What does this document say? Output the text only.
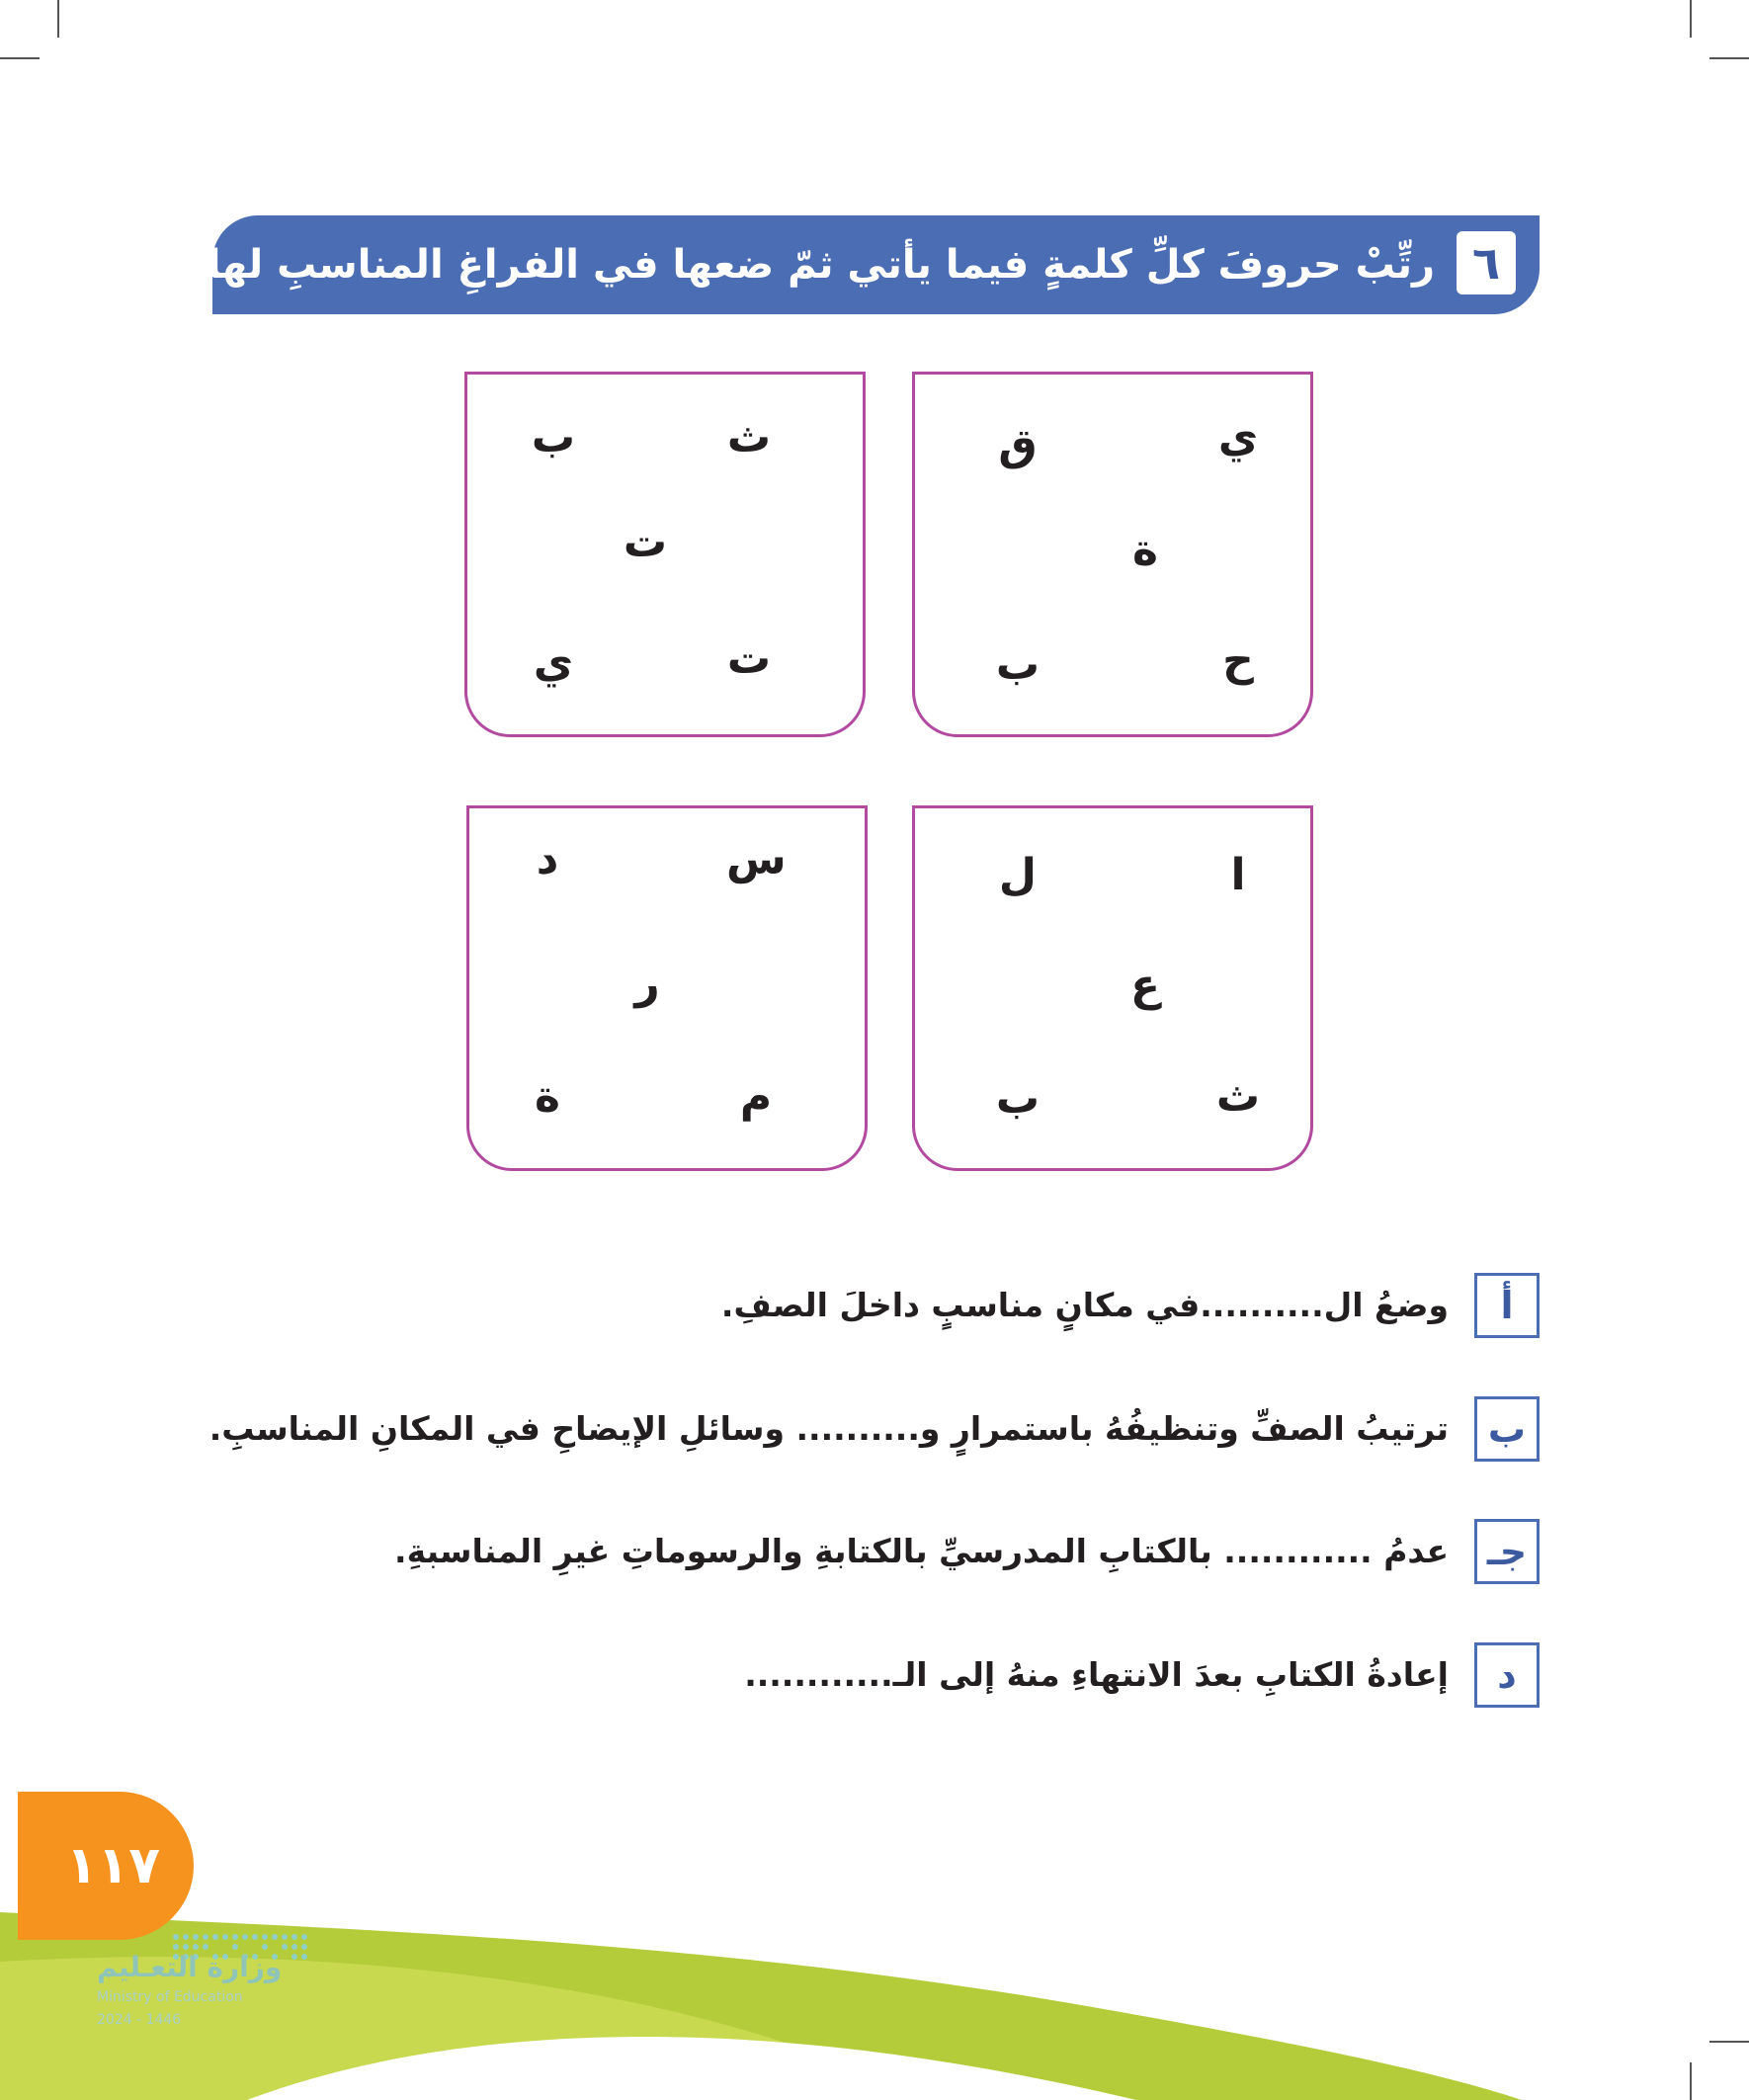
٦
رتِّبْ حروفَ كلِّ كلمةٍ فيما يأتي ثمّ ضعها ﻓﻲ الفراغِ المناسبِ لها :
ي
ق
ة
ح
ب
ث
ب
ت
ت
ي
ا
ل
ع
ث
ب
س
د
ر
م
ة
أ
وضعُ ال..........في مكانٍ مناسبٍ داخلَ الصفِ.
ب
ترتيبُ الصفِّ وتنظيفُهُ باستمرارٍ و.......... وسائلِ الإيضاحِ في المكانِ المناسبِ.
جـ
عدمُ ............ بالكتابِ المدرسيِّ بالكتابةِ والرسوماتِ غيرِ المناسبةِ.
د
إعادةُ الكتابِ بعدَ الانتهاءِ منهُ إلى الـ............
١١٧
وزارة التعـليم
Ministry of Education
2024 - 1446
